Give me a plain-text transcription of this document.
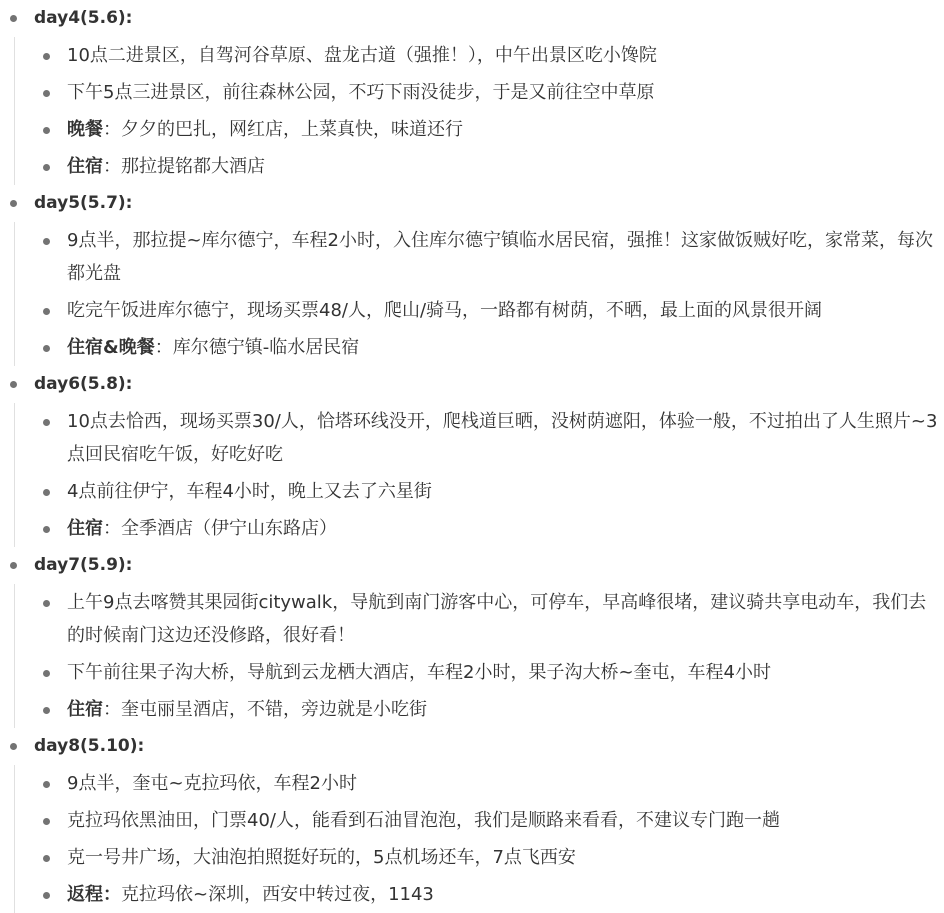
day4(5.6):
10点二进景区，自驾河谷草原、盘龙古道（强推！），中午出景区吃小馋院
下午5点三进景区，前往森林公园，不巧下雨没徒步，于是又前往空中草原
晚餐：夕夕的巴扎，网红店，上菜真快，味道还行
住宿：那拉提铭都大酒店
day5(5.7):
9点半，那拉提~库尔德宁，车程2小时，入住库尔德宁镇临水居民宿，强推！这家做饭贼好吃，家常菜，每次都光盘
吃完午饭进库尔德宁，现场买票48/人，爬山/骑马，一路都有树荫，不晒，最上面的风景很开阔
住宿&晚餐：库尔德宁镇-临水居民宿
day6(5.8):
10点去恰西，现场买票30/人，恰塔环线没开，爬栈道巨晒，没树荫遮阳，体验一般，不过拍出了人生照片~3点回民宿吃午饭，好吃好吃
4点前往伊宁，车程4小时，晚上又去了六星街
住宿：全季酒店（伊宁山东路店）
day7(5.9):
上午9点去喀赞其果园街citywalk，导航到南门游客中心，可停车，早高峰很堵，建议骑共享电动车，我们去的时候南门这边还没修路，很好看！
下午前往果子沟大桥，导航到云龙栖大酒店，车程2小时，果子沟大桥~奎屯，车程4小时
住宿：奎屯丽呈酒店，不错，旁边就是小吃街
day8(5.10):
9点半，奎屯~克拉玛依，车程2小时
克拉玛依黑油田，门票40/人，能看到石油冒泡泡，我们是顺路来看看，不建议专门跑一趟
克一号井广场，大油泡拍照挺好玩的，5点机场还车，7点飞西安
返程：克拉玛依~深圳，西安中转过夜，1143
